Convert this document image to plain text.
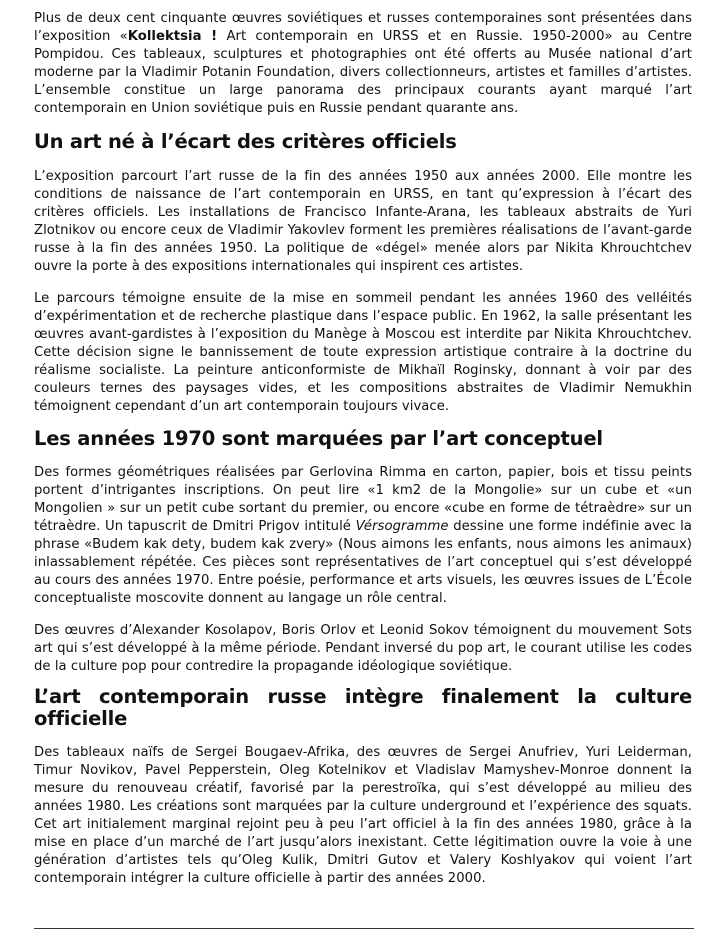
Plus de deux cent cinquante œuvres soviétiques et russes contemporaines sont présentées dans l’exposition «Kollektsia ! Art contemporain en URSS et en Russie. 1950-2000» au Centre Pompidou. Ces tableaux, sculptures et photographies ont été offerts au Musée national d’art moderne par la Vladimir Potanin Foundation, divers collectionneurs, artistes et familles d’artistes. L’ensemble constitue un large panorama des principaux courants ayant marqué l’art contemporain en Union soviétique puis en Russie pendant quarante ans.

Un art né à l’écart des critères officiels

L’exposition parcourt l’art russe de la fin des années 1950 aux années 2000. Elle montre les conditions de naissance de l’art contemporain en URSS, en tant qu’expression à l’écart des critères officiels. Les installations de Francisco Infante-Arana, les tableaux abstraits de Yuri Zlotnikov ou encore ceux de Vladimir Yakovlev forment les premières réalisations de l’avant-garde russe à la fin des années 1950. La politique de «dégel» menée alors par Nikita Khrouchtchev ouvre la porte à des expositions internationales qui inspirent ces artistes.

Le parcours témoigne ensuite de la mise en sommeil pendant les années 1960 des velléités d’expérimentation et de recherche plastique dans l’espace public. En 1962, la salle présentant les œuvres avant-gardistes à l’exposition du Manège à Moscou est interdite par Nikita Khrouchtchev. Cette décision signe le bannissement de toute expression artistique contraire à la doctrine du réalisme socialiste. La peinture anticonformiste de Mikhaïl Roginsky, donnant à voir par des couleurs ternes des paysages vides, et les compositions abstraites de Vladimir Nemukhin témoignent cependant d’un art contemporain toujours vivace.

Les années 1970 sont marquées par l’art conceptuel

Des formes géométriques réalisées par Gerlovina Rimma en carton, papier, bois et tissu peints portent d’intrigantes inscriptions. On peut lire «1 km2 de la Mongolie» sur un cube et «un Mongolien » sur un petit cube sortant du premier, ou encore «cube en forme de tétraèdre» sur un tétraèdre. Un tapuscrit de Dmitri Prigov intitulé Vérsogramme dessine une forme indéfinie avec la phrase «Budem kak dety, budem kak zvery» (Nous aimons les enfants, nous aimons les animaux) inlassablement répétée. Ces pièces sont représentatives de l’art conceptuel qui s’est développé au cours des années 1970. Entre poésie, performance et arts visuels, les œuvres issues de L’École conceptualiste moscovite donnent au langage un rôle central.

Des œuvres d’Alexander Kosolapov, Boris Orlov et Leonid Sokov témoignent du mouvement Sots art qui s’est développé à la même période. Pendant inversé du pop art, le courant utilise les codes de la culture pop pour contredire la propagande idéologique soviétique.

L’art contemporain russe intègre finalement la culture officielle

Des tableaux naïfs de Sergei Bougaev-Afrika, des œuvres de Sergei Anufriev, Yuri Leiderman, Timur Novikov, Pavel Pepperstein, Oleg Kotelnikov et Vladislav Mamyshev-Monroe donnent la mesure du renouveau créatif, favorisé par la perestroïka, qui s’est développé au milieu des années 1980. Les créations sont marquées par la culture underground et l’expérience des squats. Cet art initialement marginal rejoint peu à peu l’art officiel à la fin des années 1980, grâce à la mise en place d’un marché de l’art jusqu’alors inexistant. Cette légitimation ouvre la voie à une génération d’artistes tels qu’Oleg Kulik, Dmitri Gutov et Valery Koshlyakov qui voient l’art contemporain intégrer la culture officielle à partir des années 2000.
